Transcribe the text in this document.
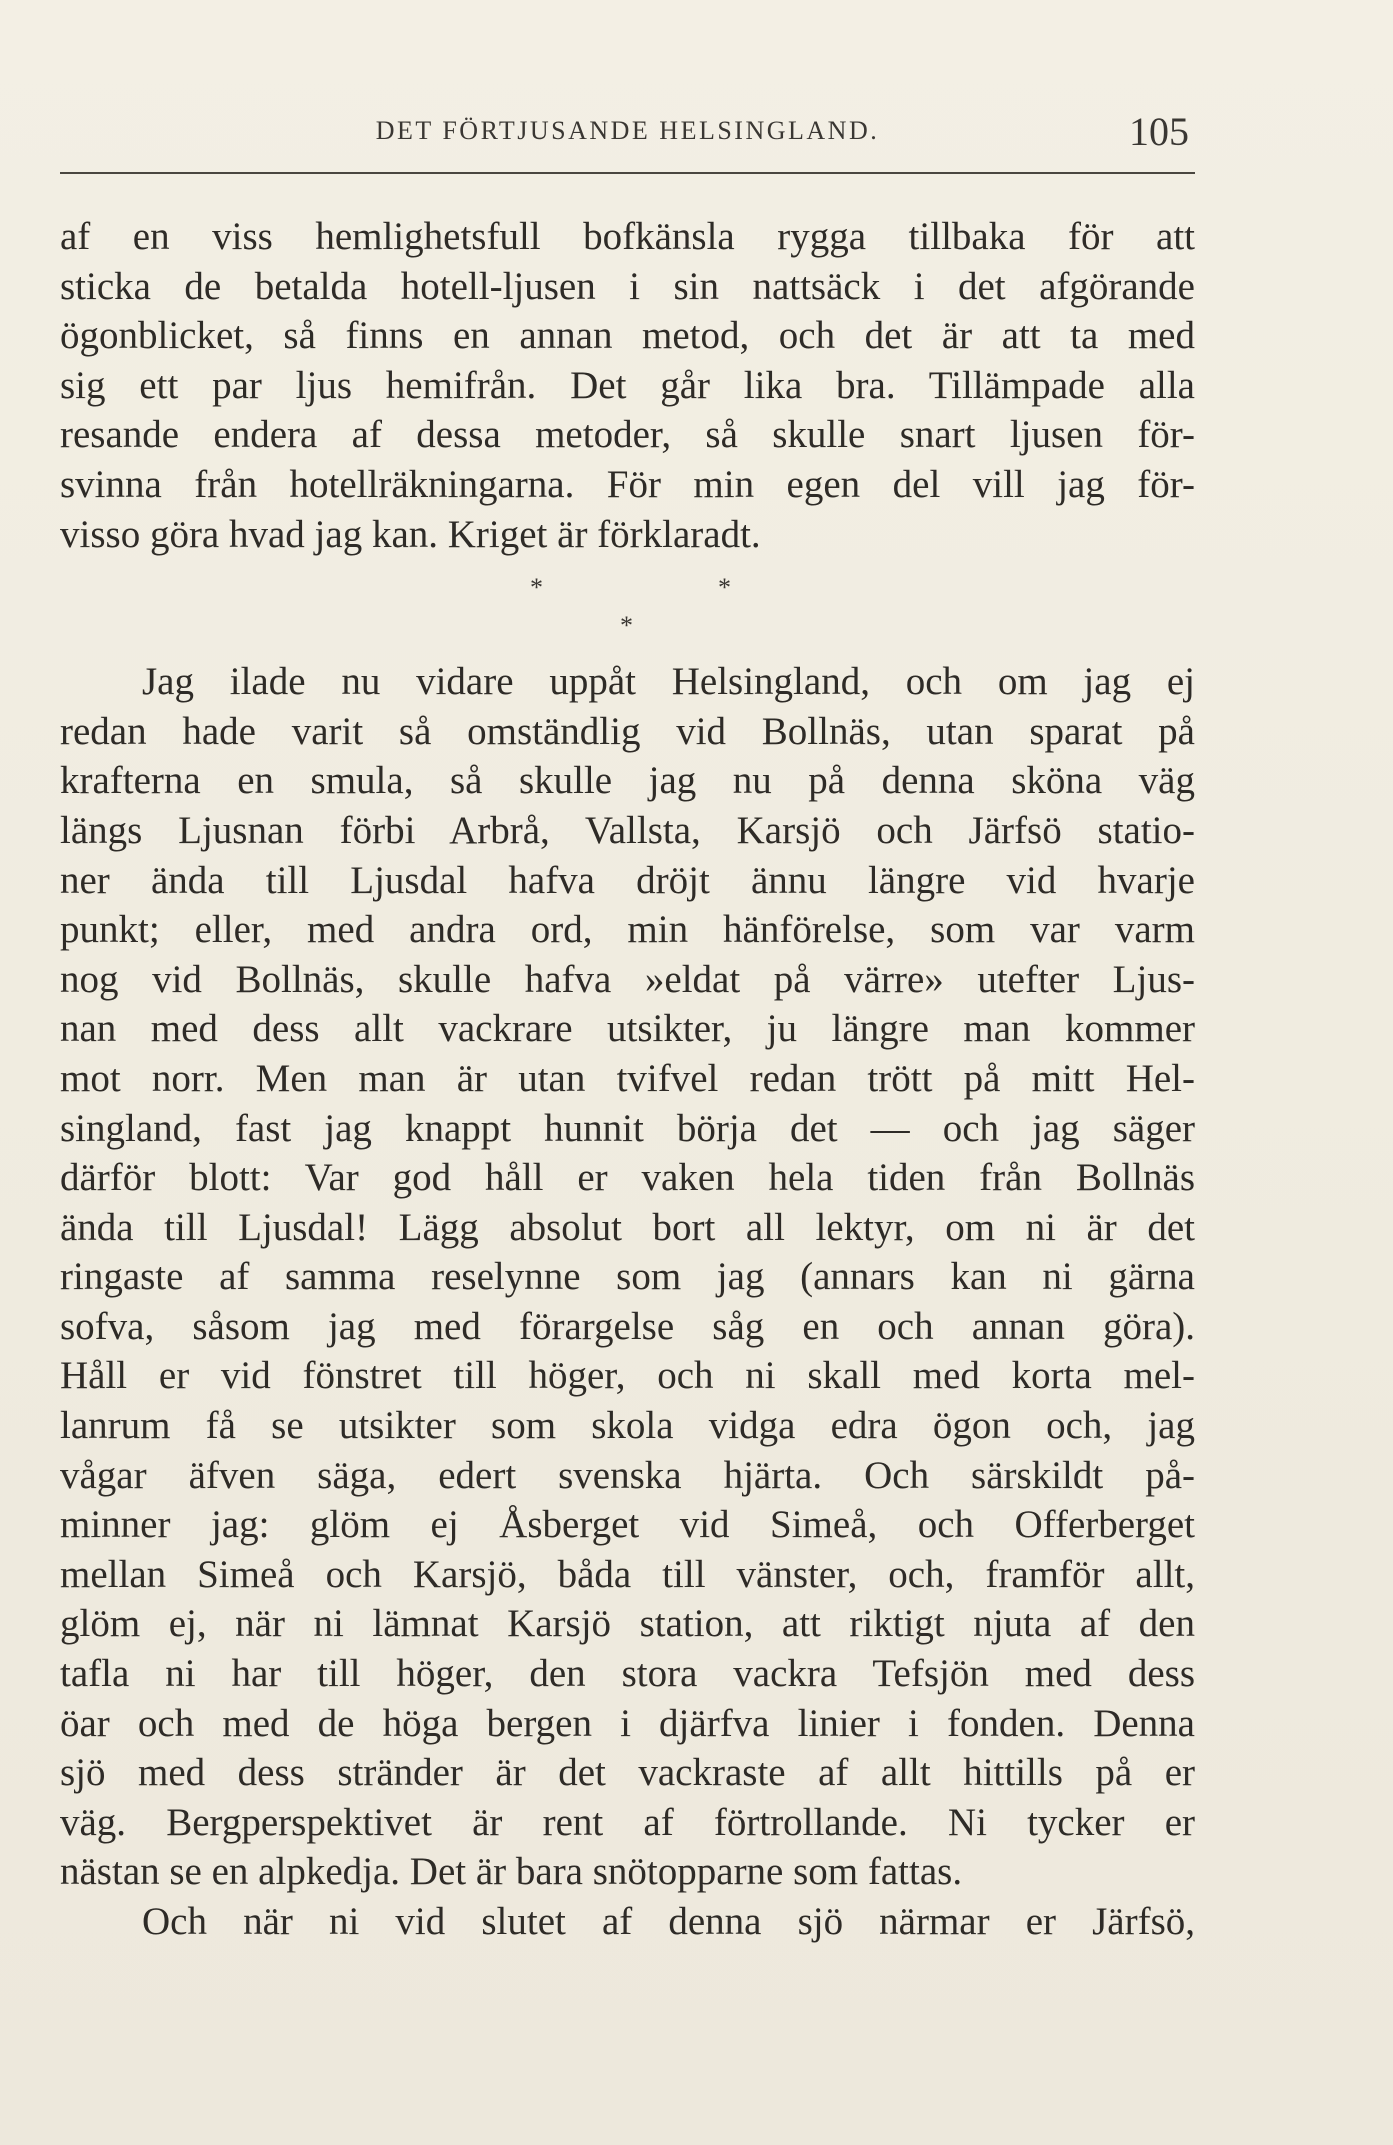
DET FÖRTJUSANDE HELSINGLAND.	105
af en viss hemlighetsfull bofkänsla rygga tillbaka för att
sticka de betalda hotell-ljusen i sin nattsäck i det afgörande
ögonblicket, så finns en annan metod, och det är att ta med
sig ett par ljus hemifrån. Det går lika bra. Tillämpade alla
resande endera af dessa metoder, så skulle snart ljusen för-
svinna från hotellräkningarna. För min egen del vill jag för-
visso göra hvad jag kan. Kriget är förklaradt.
*	*
*
Jag ilade nu vidare uppåt Helsingland, och om jag ej
redan hade varit så omständlig vid Bollnäs, utan sparat på
krafterna en smula, så skulle jag nu på denna sköna väg
längs Ljusnan förbi Arbrå, Vallsta, Karsjö och Järfsö statio-
ner ända till Ljusdal hafva dröjt ännu längre vid hvarje
punkt; eller, med andra ord, min hänförelse, som var varm
nog vid Bollnäs, skulle hafva »eldat på värre» utefter Ljus-
nan med dess allt vackrare utsikter, ju längre man kommer
mot norr. Men man är utan tvifvel redan trött på mitt Hel-
singland, fast jag knappt hunnit börja det — och jag säger
därför blott: Var god håll er vaken hela tiden från Bollnäs
ända till Ljusdal! Lägg absolut bort all lektyr, om ni är det
ringaste af samma reselynne som jag (annars kan ni gärna
sofva, såsom jag med förargelse såg en och annan göra).
Håll er vid fönstret till höger, och ni skall med korta mel-
lanrum få se utsikter som skola vidga edra ögon och, jag
vågar äfven säga, edert svenska hjärta. Och särskildt på-
minner jag: glöm ej Åsberget vid Simeå, och Offerberget
mellan Simeå och Karsjö, båda till vänster, och, framför allt,
glöm ej, när ni lämnat Karsjö station, att riktigt njuta af den
tafla ni har till höger, den stora vackra Tefsjön med dess
öar och med de höga bergen i djärfva linier i fonden. Denna
sjö med dess stränder är det vackraste af allt hittills på er
väg. Bergperspektivet är rent af förtrollande. Ni tycker er
nästan se en alpkedja. Det är bara snötopparne som fattas.
Och när ni vid slutet af denna sjö närmar er Järfsö,
